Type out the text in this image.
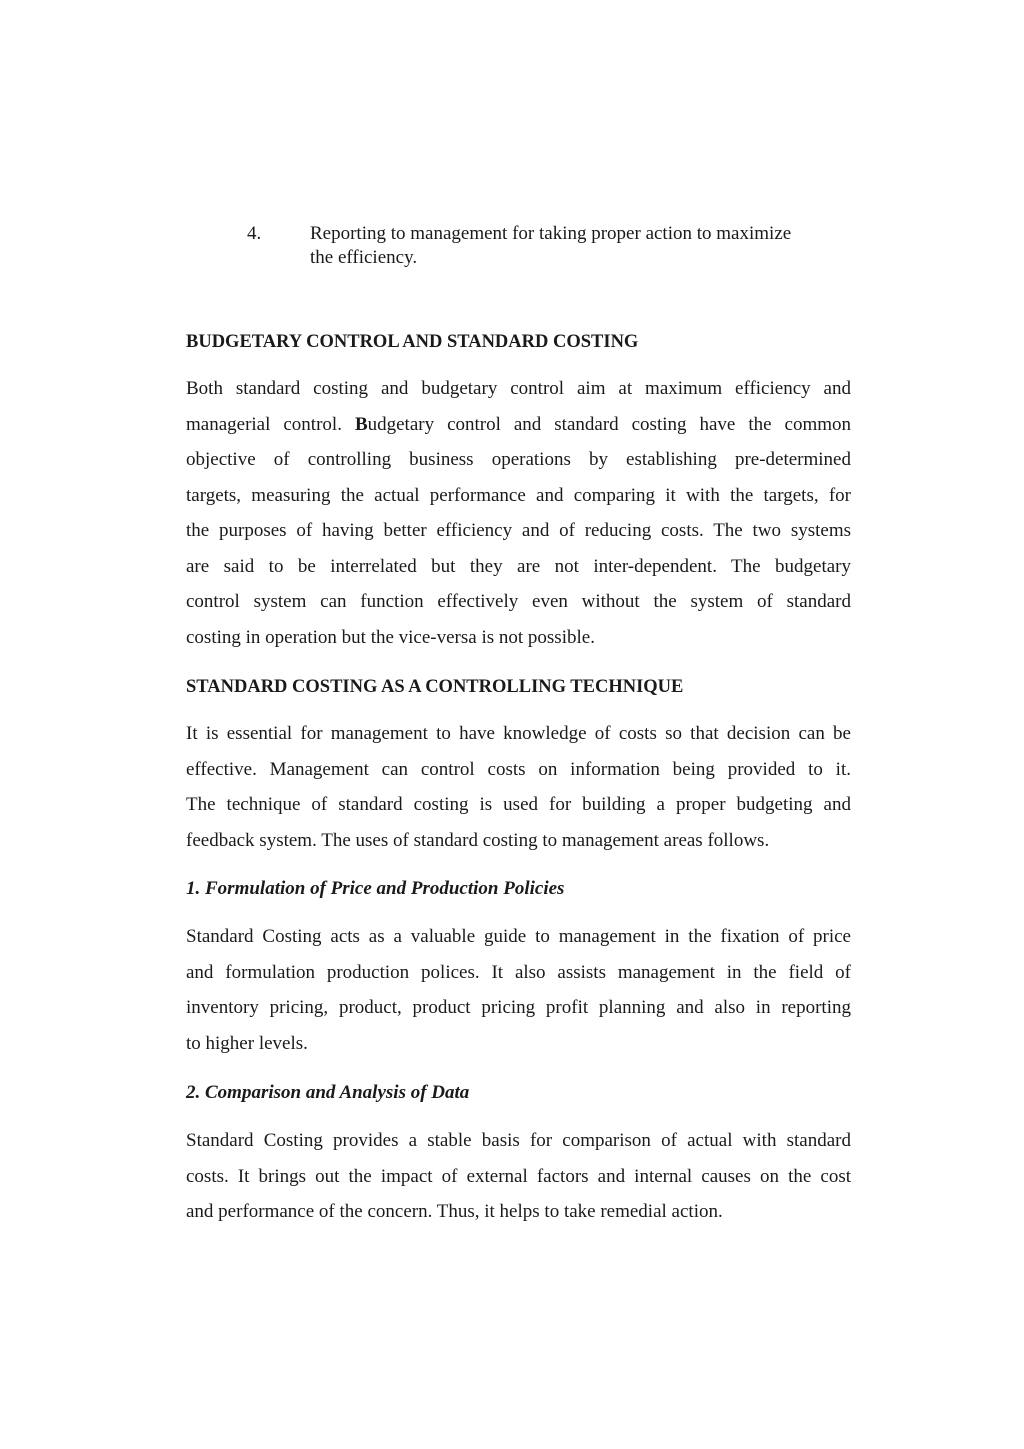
4.	Reporting to management for taking proper action to maximize
the efficiency.
BUDGETARY CONTROL AND STANDARD COSTING
Both standard costing and budgetary control aim at maximum efficiency and
managerial control. Budgetary control and standard costing have the common
objective of controlling business operations by establishing pre-determined
targets, measuring the actual performance and comparing it with the targets, for
the purposes of having better efficiency and of reducing costs. The two systems
are said to be interrelated but they are not inter-dependent. The budgetary
control system can function effectively even without the system of standard
costing in operation but the vice-versa is not possible.
STANDARD COSTING AS A CONTROLLING TECHNIQUE
It is essential for management to have knowledge of costs so that decision can be
effective. Management can control costs on information being provided to it.
The technique of standard costing is used for building a proper budgeting and
feedback system. The uses of standard costing to management areas follows.
1. Formulation of Price and Production Policies
Standard Costing acts as a valuable guide to management in the fixation of price
and formulation production polices. It also assists management in the field of
inventory pricing, product, product pricing profit planning and also in reporting
to higher levels.
2. Comparison and Analysis of Data
Standard Costing provides a stable basis for comparison of actual with standard
costs. It brings out the impact of external factors and internal causes on the cost
and performance of the concern. Thus, it helps to take remedial action.
